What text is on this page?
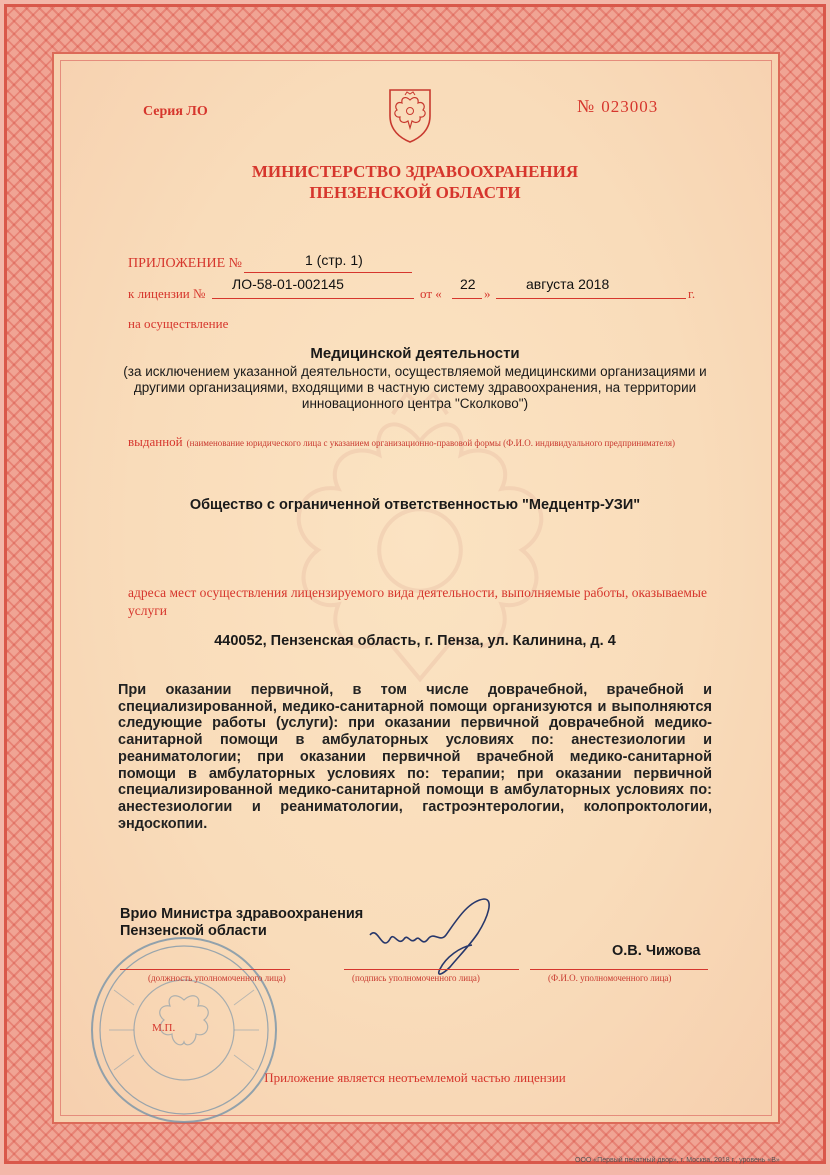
Серия ЛО	№ 023003
МИНИСТЕРСТВО ЗДРАВООХРАНЕНИЯ
ПЕНЗЕНСКОЙ ОБЛАСТИ
ПРИЛОЖЕНИЕ №	1 (стр. 1)
к лицензии №
ЛО-58-01-002145
от «
22
»
августа 2018
г.
на осуществление
Медицинской деятельности
(за исключением указанной деятельности, осуществляемой медицинскими организациями и другими организациями, входящими в частную систему здравоохранения, на территории инновационного центра "Сколково")
выданной (наименование юридического лица с указанием организационно-правовой формы (Ф.И.О. индивидуального предпринимателя)
Общество с ограниченной ответственностью "Медцентр-УЗИ"
адреса мест осуществления лицензируемого вида деятельности, выполняемые работы, оказываемые услуги
440052, Пензенская область, г. Пенза, ул. Калинина, д. 4
При оказании первичной, в том числе доврачебной, врачебной и специализированной, медико-санитарной помощи организуются и выполняются следующие работы (услуги): при оказании первичной доврачебной медико-санитарной помощи в амбулаторных условиях по: анестезиологии и реаниматологии; при оказании первичной врачебной медико-санитарной помощи в амбулаторных условиях по: терапии; при оказании первичной специализированной медико-санитарной помощи в амбулаторных условиях по: анестезиологии и реаниматологии, гастроэнтерологии, колопроктологии, эндоскопии.
Врио Министра здравоохранения Пензенской области
(должность уполномоченного лица)	(подпись уполномоченного лица)
О.В. Чижова
(Ф.И.О. уполномоченного лица)
М.П.
Приложение является неотъемлемой частью лицензии
ООО «Первый печатный двор», г. Москва, 2018 г., уровень «В»
